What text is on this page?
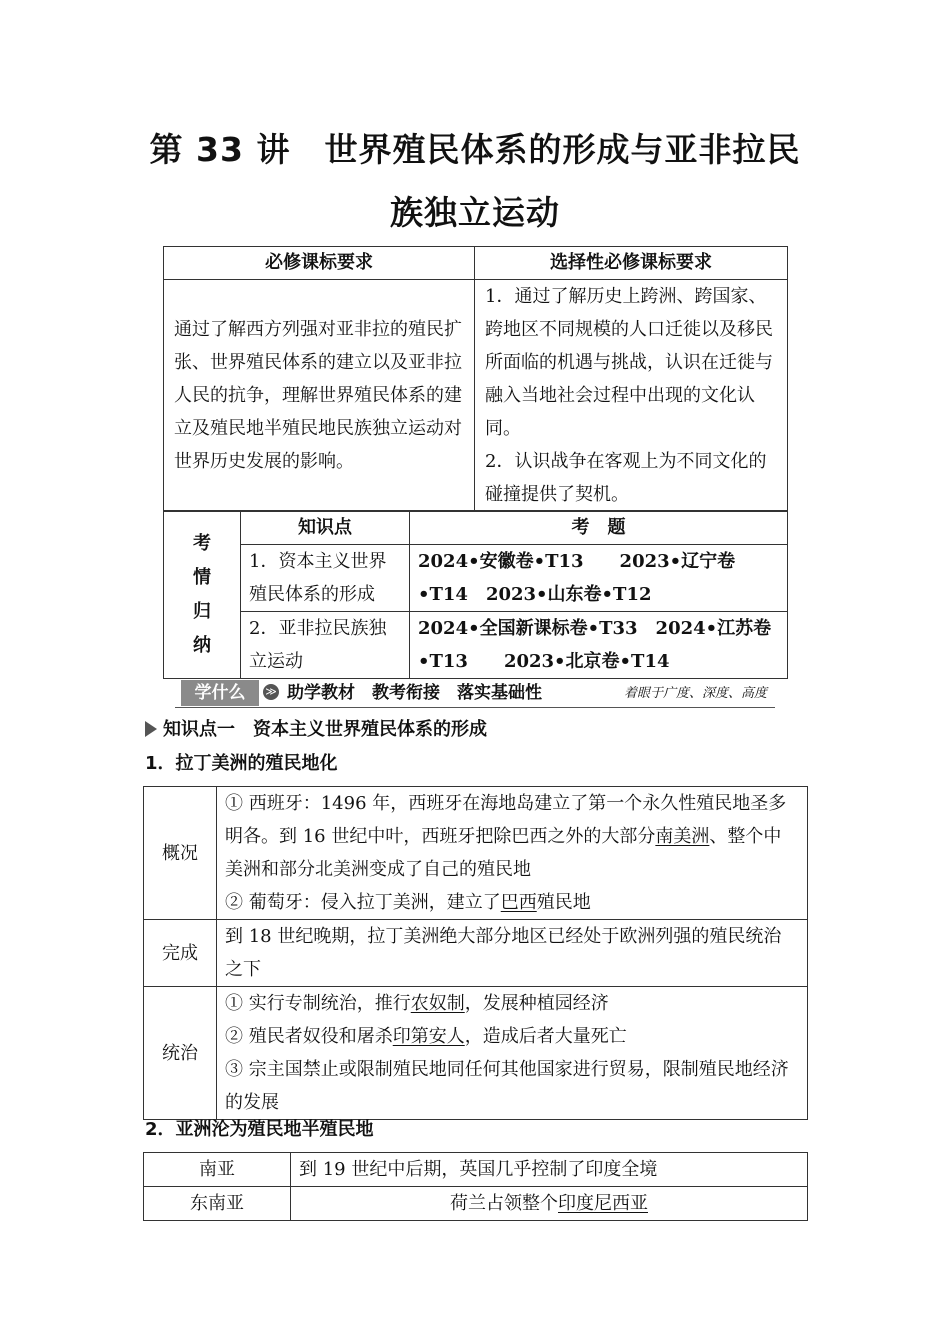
第 33 讲　世界殖民体系的形成与亚非拉民
族独立运动
必修课标要求	选择性必修课标要求
通过了解西方列强对亚非拉的殖民扩张、世界殖民体系的建立以及亚非拉人民的抗争，理解世界殖民体系的建立及殖民地半殖民地民族独立运动对世界历史发展的影响。	1．通过了解历史上跨洲、跨国家、跨地区不同规模的人口迁徙以及移民所面临的机遇与挑战，认识在迁徙与融入当地社会过程中出现的文化认同。
2．认识战争在客观上为不同文化的碰撞提供了契机。
考
情
归
纳	知识点	考　题
	1．资本主义世界殖民体系的形成	2024•安徽卷•T13　　2023•辽宁卷•T14　2023•山东卷•T12
	2．亚非拉民族独立运动	2024•全国新课标卷•T33　2024•江苏卷•T13　　2023•北京卷•T14
学什么	≫ 助学教材　教考衔接　落实基础性	着眼于广度、深度、高度
知识点一　资本主义世界殖民体系的形成
1．拉丁美洲的殖民地化
概况	① 西班牙：1496 年，西班牙在海地岛建立了第一个永久性殖民地圣多明各。到 16 世纪中叶，西班牙把除巴西之外的大部分南美洲、整个中美洲和部分北美洲变成了自己的殖民地
② 葡萄牙：侵入拉丁美洲，建立了巴西殖民地

完成	到 18 世纪晚期，拉丁美洲绝大部分地区已经处于欧洲列强的殖民统治之下
统治	① 实行专制统治，推行农奴制，发展种植园经济
② 殖民者奴役和屠杀印第安人，造成后者大量死亡
③ 宗主国禁止或限制殖民地同任何其他国家进行贸易，限制殖民地经济的发展
2．亚洲沦为殖民地半殖民地
南亚	到 19 世纪中后期，英国几乎控制了印度全境
东南亚	荷兰占领整个印度尼西亚
